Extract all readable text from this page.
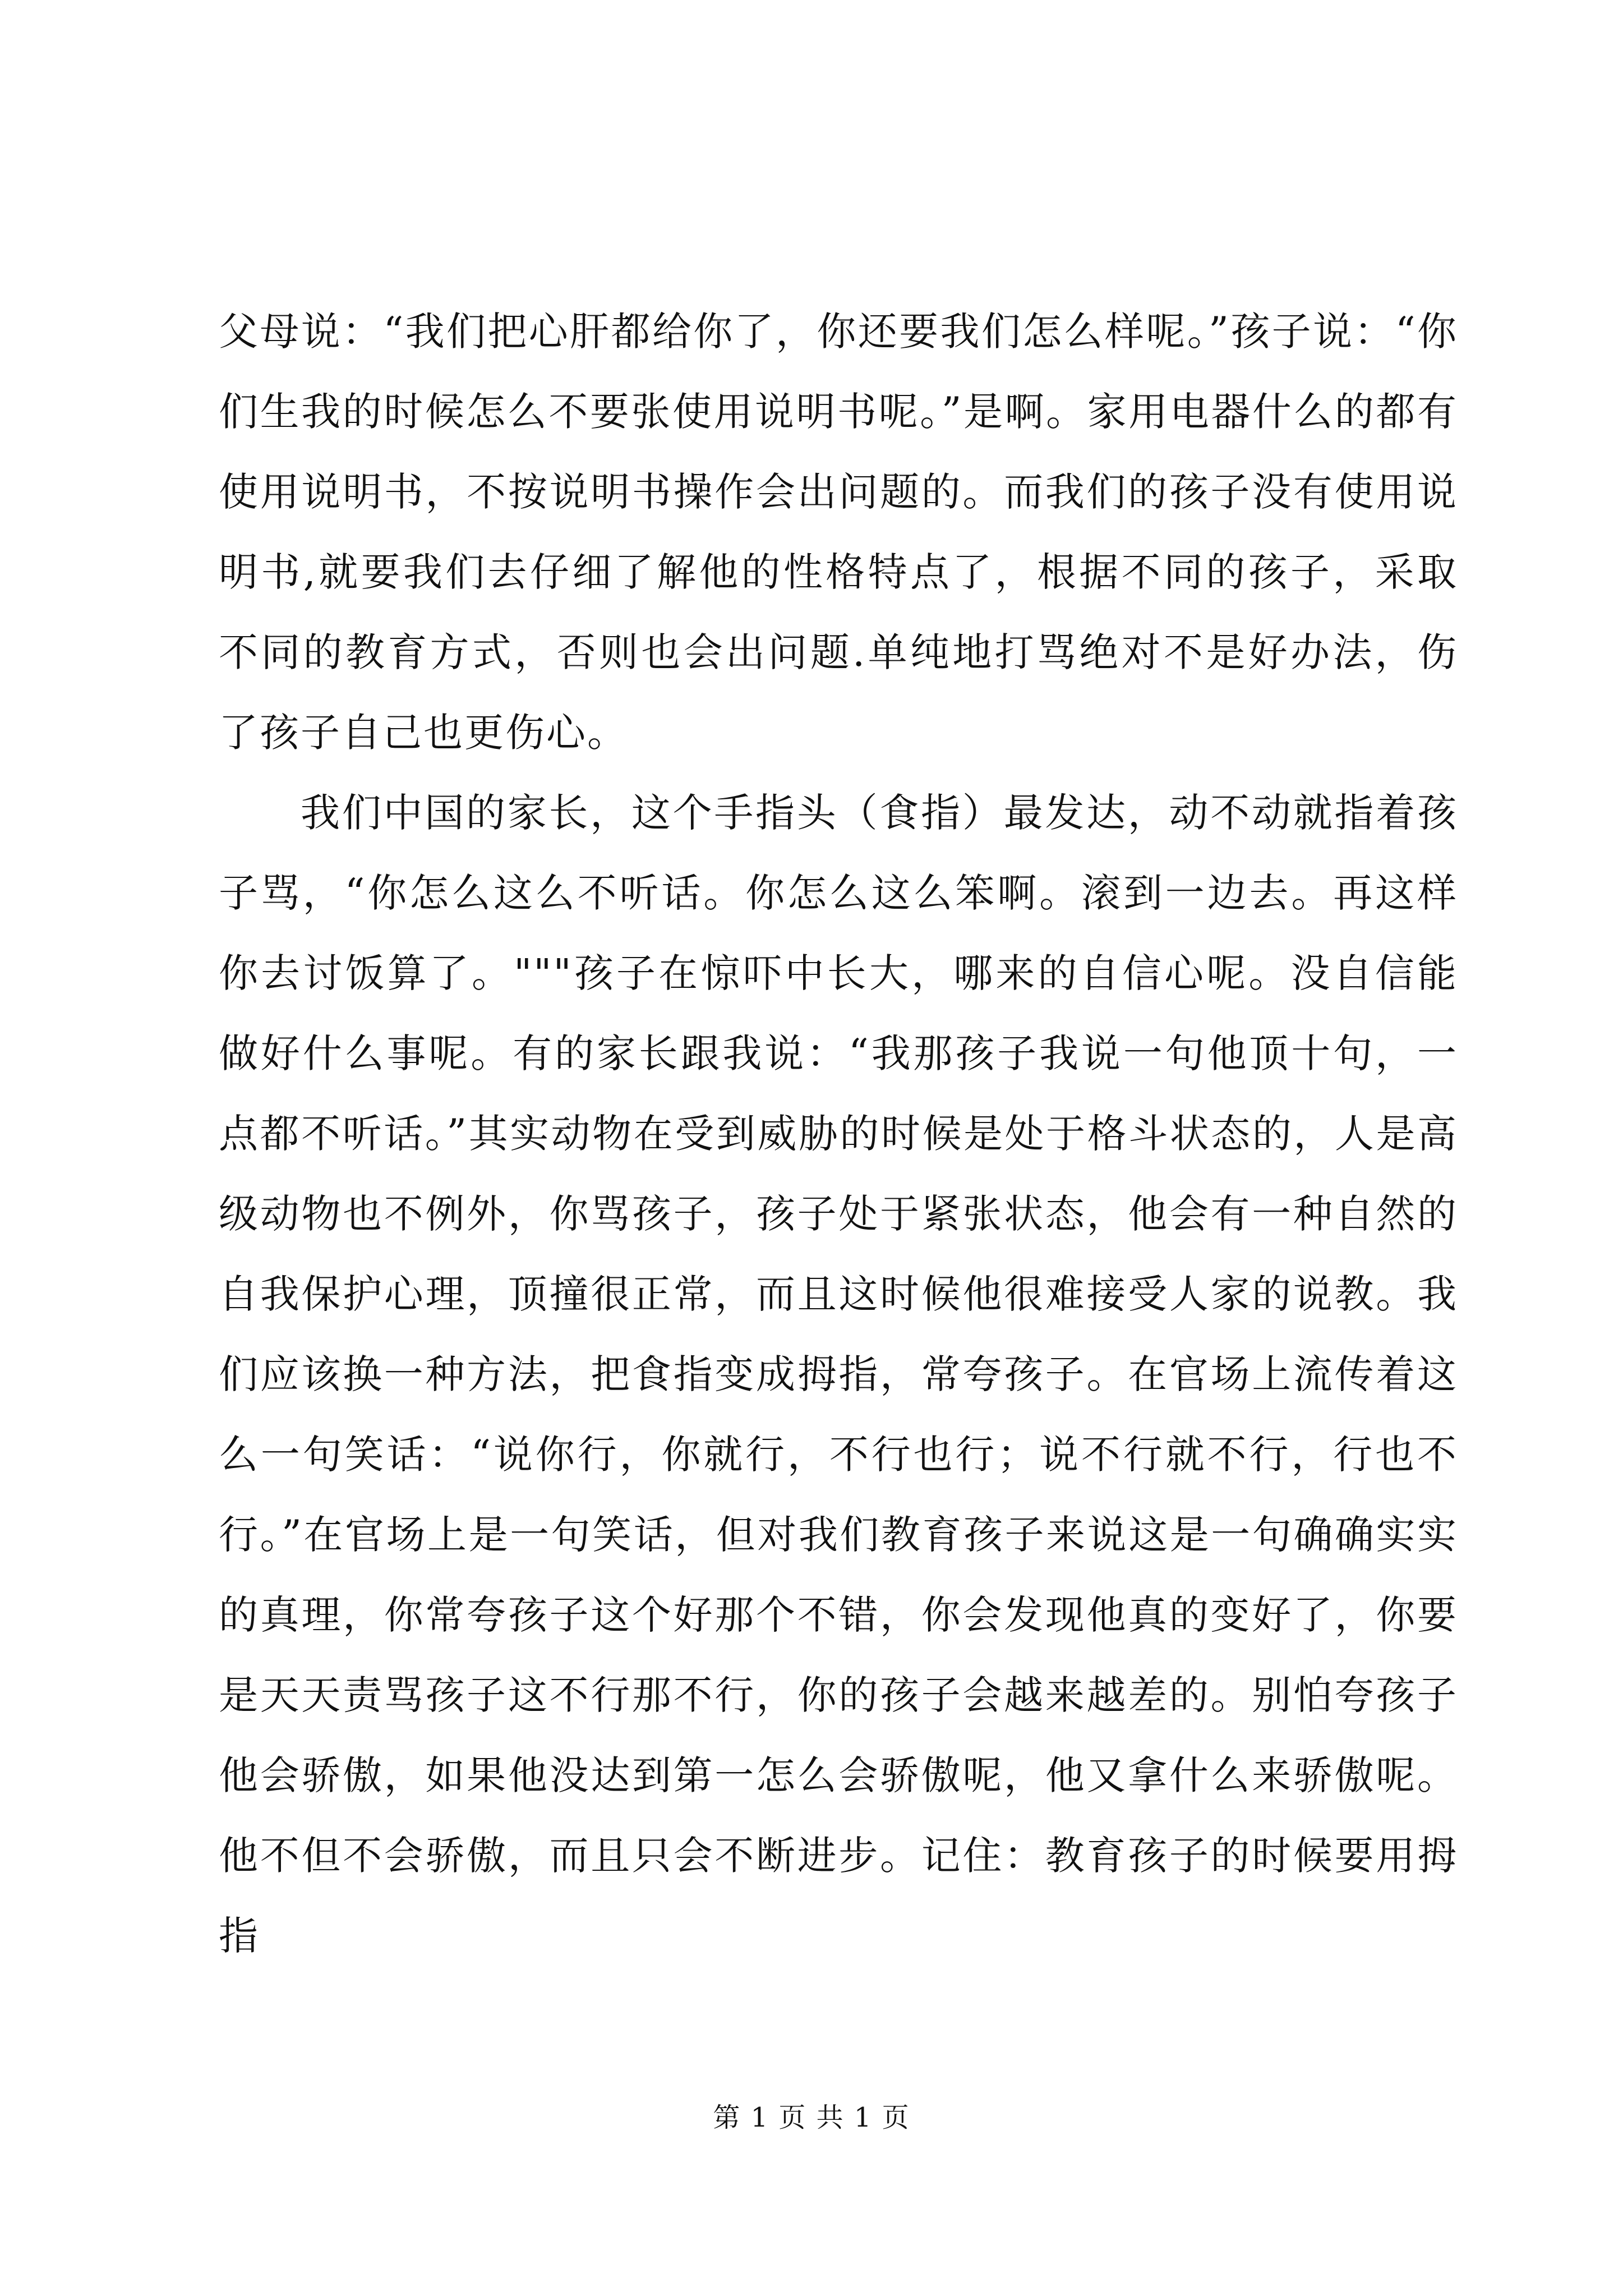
父母说：“我们把心肝都给你了，你还要我们怎么样呢。”孩子说：“你们生我的时候怎么不要张使用说明书呢。”是啊。家用电器什么的都有使用说明书，不按说明书操作会出问题的。而我们的孩子没有使用说明书,就要我们去仔细了解他的性格特点了，根据不同的孩子，采取不同的教育方式，否则也会出问题.单纯地打骂绝对不是好办法，伤了孩子自己也更伤心。

我们中国的家长，这个手指头（食指）最发达，动不动就指着孩子骂，“你怎么这么不听话。你怎么这么笨啊。滚到一边去。再这样你去讨饭算了。"""孩子在惊吓中长大，哪来的自信心呢。没自信能做好什么事呢。有的家长跟我说：“我那孩子我说一句他顶十句，一点都不听话。”其实动物在受到威胁的时候是处于格斗状态的，人是高级动物也不例外，你骂孩子，孩子处于紧张状态，他会有一种自然的自我保护心理，顶撞很正常，而且这时候他很难接受人家的说教。我们应该换一种方法，把食指变成拇指，常夸孩子。在官场上流传着这么一句笑话：“说你行，你就行，不行也行；说不行就不行，行也不行。”在官场上是一句笑话，但对我们教育孩子来说这是一句确确实实的真理，你常夸孩子这个好那个不错，你会发现他真的变好了，你要是天天责骂孩子这不行那不行，你的孩子会越来越差的。别怕夸孩子他会骄傲，如果他没达到第一怎么会骄傲呢，他又拿什么来骄傲呢。他不但不会骄傲，而且只会不断进步。记住：教育孩子的时候要用拇指

第 1 页 共 1 页
